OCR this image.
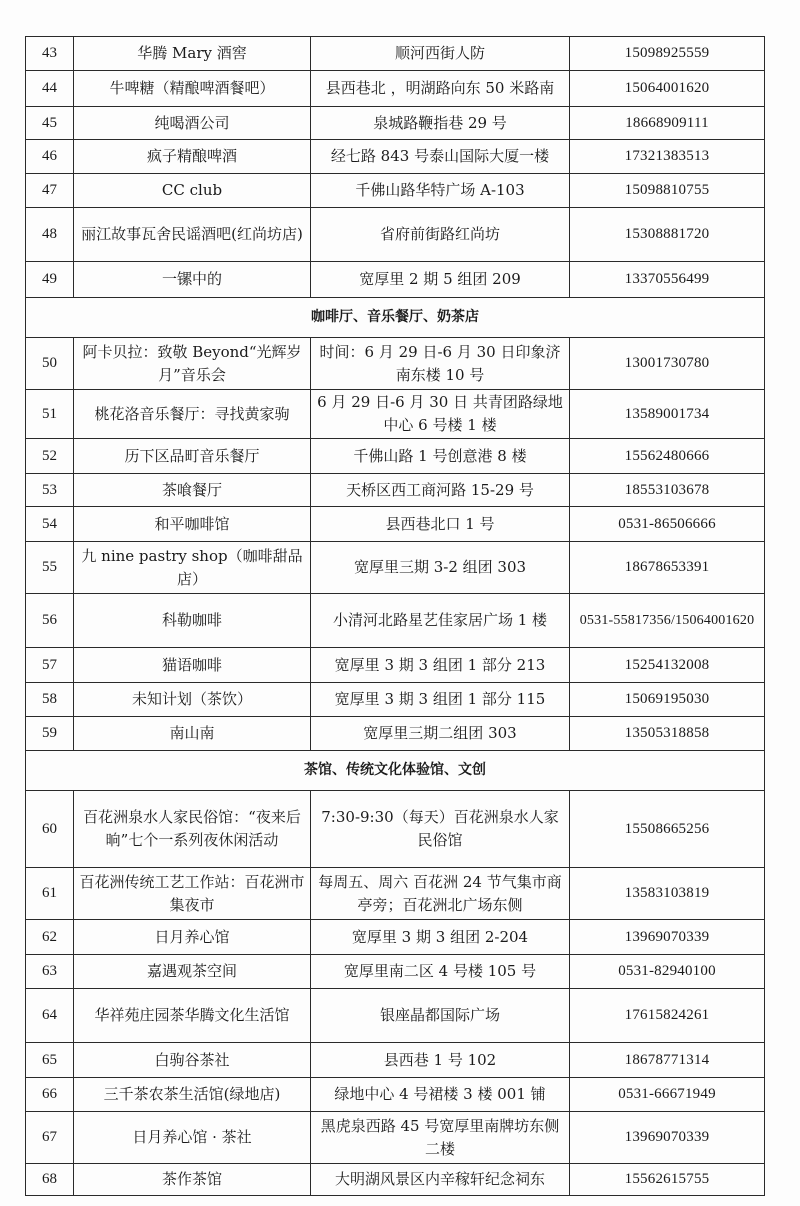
43	华腾 Mary 酒窖	顺河西街人防	15098925559
44	牛啤糖（精酿啤酒餐吧）	县西巷北 ，明湖路向东 50 米路南	15064001620
45	纯喝酒公司	泉城路鞭指巷 29 号	18668909111
46	疯子精酿啤酒	经七路 843 号泰山国际大厦一楼	17321383513
47	CC club	千佛山路华特广场 A-103	15098810755
48	丽江故事瓦舍民谣酒吧(红尚坊店)	省府前街路红尚坊	15308881720
49	一镙中的	宽厚里 2 期 5 组团 209	13370556499
咖啡厅、音乐餐厅、奶茶店			
50	阿卡贝拉：致敬 Beyond“光辉岁月”音乐会	时间：6 月 29 日-6 月 30 日印象济南东楼 10 号	13001730780
51	桃花洛音乐餐厅：寻找黄家驹	6 月 29 日-6 月 30 日 共青团路绿地中心 6 号楼 1 楼	13589001734
52	历下区品町音乐餐厅	千佛山路 1 号创意港 8 楼	15562480666
53	茶喰餐厅	天桥区西工商河路 15-29 号	18553103678
54	和平咖啡馆	县西巷北口 1 号	0531-86506666
55	九 nine pastry shop（咖啡甜品店）	宽厚里三期 3-2 组团 303	18678653391
56	科勒咖啡	小清河北路星艺佳家居广场 1 楼	0531-55817356/15064001620
57	猫语咖啡	宽厚里 3 期 3 组团 1 部分 213	15254132008
58	未知计划（茶饮）	宽厚里 3 期 3 组团 1 部分 115	15069195030
59	南山南	宽厚里三期二组团 303	13505318858
茶馆、传统文化体验馆、文创			
60	百花洲泉水人家民俗馆：“夜来后晌”七个一系列夜休闲活动	7:30-9:30（每天）百花洲泉水人家民俗馆	15508665256
61	百花洲传统工艺工作站：百花洲市集夜市	每周五、周六 百花洲 24 节气集市商亭旁；百花洲北广场东侧	13583103819
62	日月养心馆	宽厚里 3 期 3 组团 2-204	13969070339
63	嘉遇观茶空间	宽厚里南二区 4 号楼 105 号	0531-82940100
64	华祥苑庄园茶华腾文化生活馆	银座晶都国际广场	17615824261
65	白驹谷茶社	县西巷 1 号 102	18678771314
66	三千茶农茶生活馆(绿地店)	绿地中心 4 号裙楼 3 楼 001 铺	0531-66671949
67	日月养心馆 · 茶社	黑虎泉西路 45 号宽厚里南牌坊东侧二楼	13969070339
68	茶作茶馆	大明湖风景区内辛稼轩纪念祠东	15562615755
